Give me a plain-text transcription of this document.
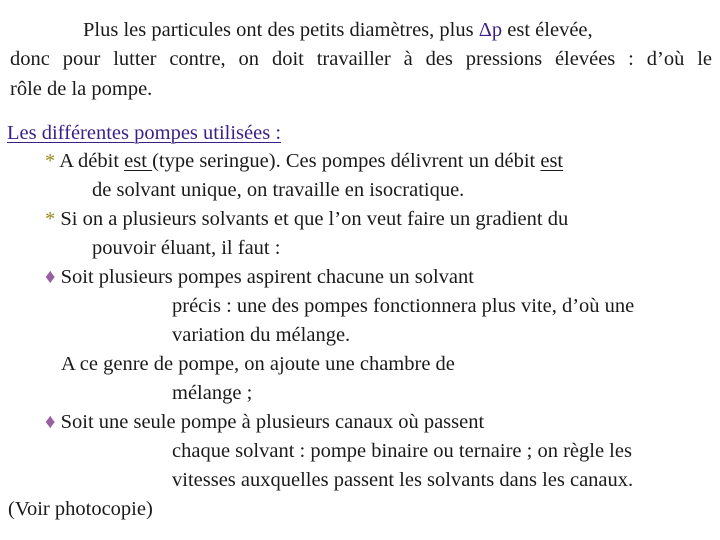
Plus les particules ont des petits diamètres, plus Δp est élevée,
donc pour lutter contre, on doit travailler à des pressions élevées : d’où le
rôle de la pompe.
Les différentes pompes utilisées :
* A débit est (type seringue). Ces pompes délivrent un débit est
de solvant unique, on travaille en isocratique.
* Si on a plusieurs solvants et que l’on veut faire un gradient du
pouvoir éluant, il faut :
♦ Soit plusieurs pompes aspirent chacune un solvant
précis : une des pompes fonctionnera plus vite, d’où une
variation du mélange.
A ce genre de pompe, on ajoute une chambre de
mélange ;
♦ Soit une seule pompe à plusieurs canaux où passent
chaque solvant : pompe binaire ou ternaire ; on règle les
vitesses auxquelles passent les solvants dans les canaux.
(Voir photocopie)
